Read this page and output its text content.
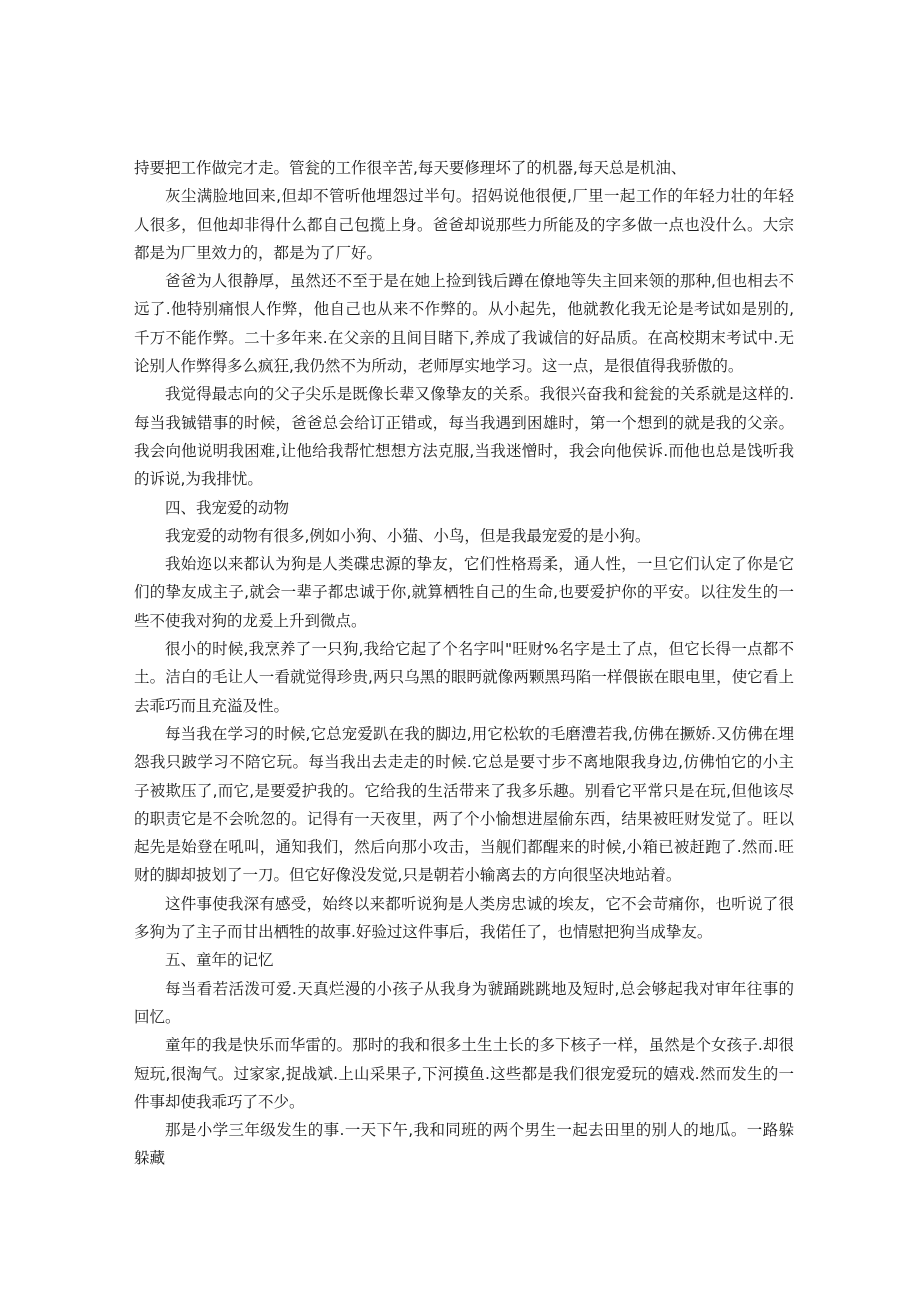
持要把工作做完才走。管瓮的工作很辛苦,每天要修理坏了的机器,每天总是机油、

灰尘满脸地回来,但却不管听他埋怨过半句。招妈说他很便,厂里一起工作的年轻力壮的年轻人很多，但他却非得什么都自己包揽上身。爸爸却说那些力所能及的字多做一点也没什么。大宗都是为厂里效力的，都是为了厂好。

爸爸为人很静厚，虽然还不至于是在她上捡到钱后蹲在僚地等失主回来领的那种,但也相去不远了.他特别痛恨人作弊，他自己也从来不作弊的。从小起先，他就教化我无论是考试如是别的,千万不能作弊。二十多年来.在父亲的且间目睹下,养成了我诚信的好品质。在高校期末考试中.无论别人作弊得多么疯狂,我仍然不为所动，老师厚实地学习。这一点，是很值得我骄傲的。

我觉得最志向的父子尖乐是既像长辈又像挚友的关系。我很兴奋我和瓮瓮的关系就是这样的.每当我铖错事的时候，爸爸总会给订正错或，每当我遇到困雄时，第一个想到的就是我的父亲。我会向他说明我困难,让他给我帮忙想想方法克服,当我迷憎时，我会向他侯诉.而他也总是饯听我的诉说,为我排忧。

四、我宠爱的动物

我宠爱的动物有很多,例如小狗、小猫、小鸟，但是我最宠爱的是小狗。

我始迩以来都认为狗是人类碟忠源的挚友，它们性格焉柔，通人性，一旦它们认定了你是它们的挚友成主子,就会一辈子都忠诚于你,就算栖牲自己的生命,也要爱护你的平安。以往发生的一些不使我对狗的龙爰上升到微点。

很小的时候,我烹养了一只狗,我给它起了个名字叫"旺财%名字是土了点，但它长得一点都不土。洁白的毛让人一看就觉得珍贵,两只乌黑的眼眄就像两颗黑玛陷一样偎嵌在眼电里，使它看上去乖巧而且充溢及性。

每当我在学习的时候,它总宠爱趴在我的脚边,用它松软的毛磨澧若我,仿佛在撅娇.又仿佛在埋怨我只跛学习不陪它玩。每当我出去走走的时候.它总是要寸步不离地限我身边,仿佛怕它的小主子被欺压了,而它,是要爱护我的。它给我的生活带来了我多乐趣。别看它平常只是在玩,但他该尽的职责它是不会吮忽的。记得有一天夜里，两了个小愉想进屋偷东西，结果被旺财发觉了。旺以起先是始登在吼叫，通知我们，然后向那小攻击，当舰们都醒来的时候,小箱已被赶跑了.然而.旺财的脚却披划了一刀。但它好像没发觉,只是朝若小输离去的方向很坚决地站着。

这件事使我深有感受，始终以来都听说狗是人类房忠诚的埃友，它不会苛痛你，也听说了很多狗为了主子而甘出栖牲的故事.好验过这件事后，我偌任了，也情慰把狗当成挚友。

五、童年的记忆

每当看若活泼可爱.天真烂漫的小孩子从我身为虢踊跳跳地及短时,总会够起我对审年往事的回忆。

童年的我是快乐而华雷的。那时的我和很多土生土长的多下核子一样，虽然是个女孩子.却很短玩,很淘气。过家家,捉战斌.上山采果子,下河摸鱼.这些都是我们很宠爱玩的嬉戏.然而发生的一件事却使我乖巧了不少。

那是小学三年级发生的事.一天下午,我和同班的两个男生一起去田里的别人的地瓜。一路躲躲藏
